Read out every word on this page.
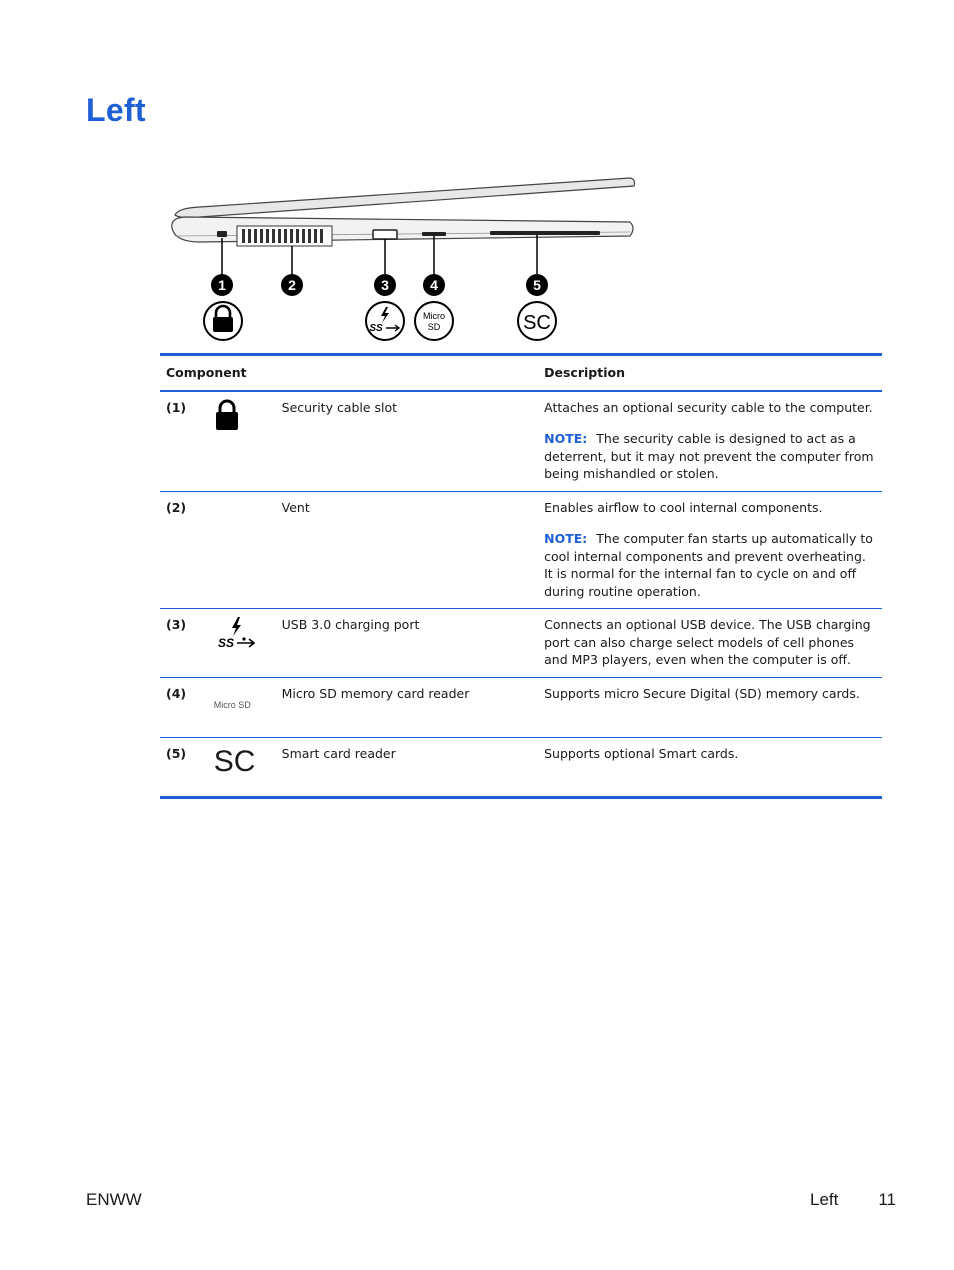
Left
1	2	3	4	5
SS
Micro
SD	SC
Component			Description
(1)		Security cable slot	Attaches an optional security cable to the computer.
NOTE: The security cable is designed to act as a deterrent, but it may not prevent the computer from being mishandled or stolen.

(2)		Vent	Enables airflow to cool internal components.
NOTE: The computer fan starts up automatically to cool internal components and prevent overheating. It is normal for the internal fan to cycle on and off during routine operation.

(3)	SS	USB 3.0 charging port	Connects an optional USB device. The USB charging port can also charge select models of cell phones and MP3 players, even when the computer is off.
(4)	Micro SD	Micro SD memory card reader	Supports micro Secure Digital (SD) memory cards.
(5)	SC	Smart card reader	Supports optional Smart cards.
ENWW	Left 11
